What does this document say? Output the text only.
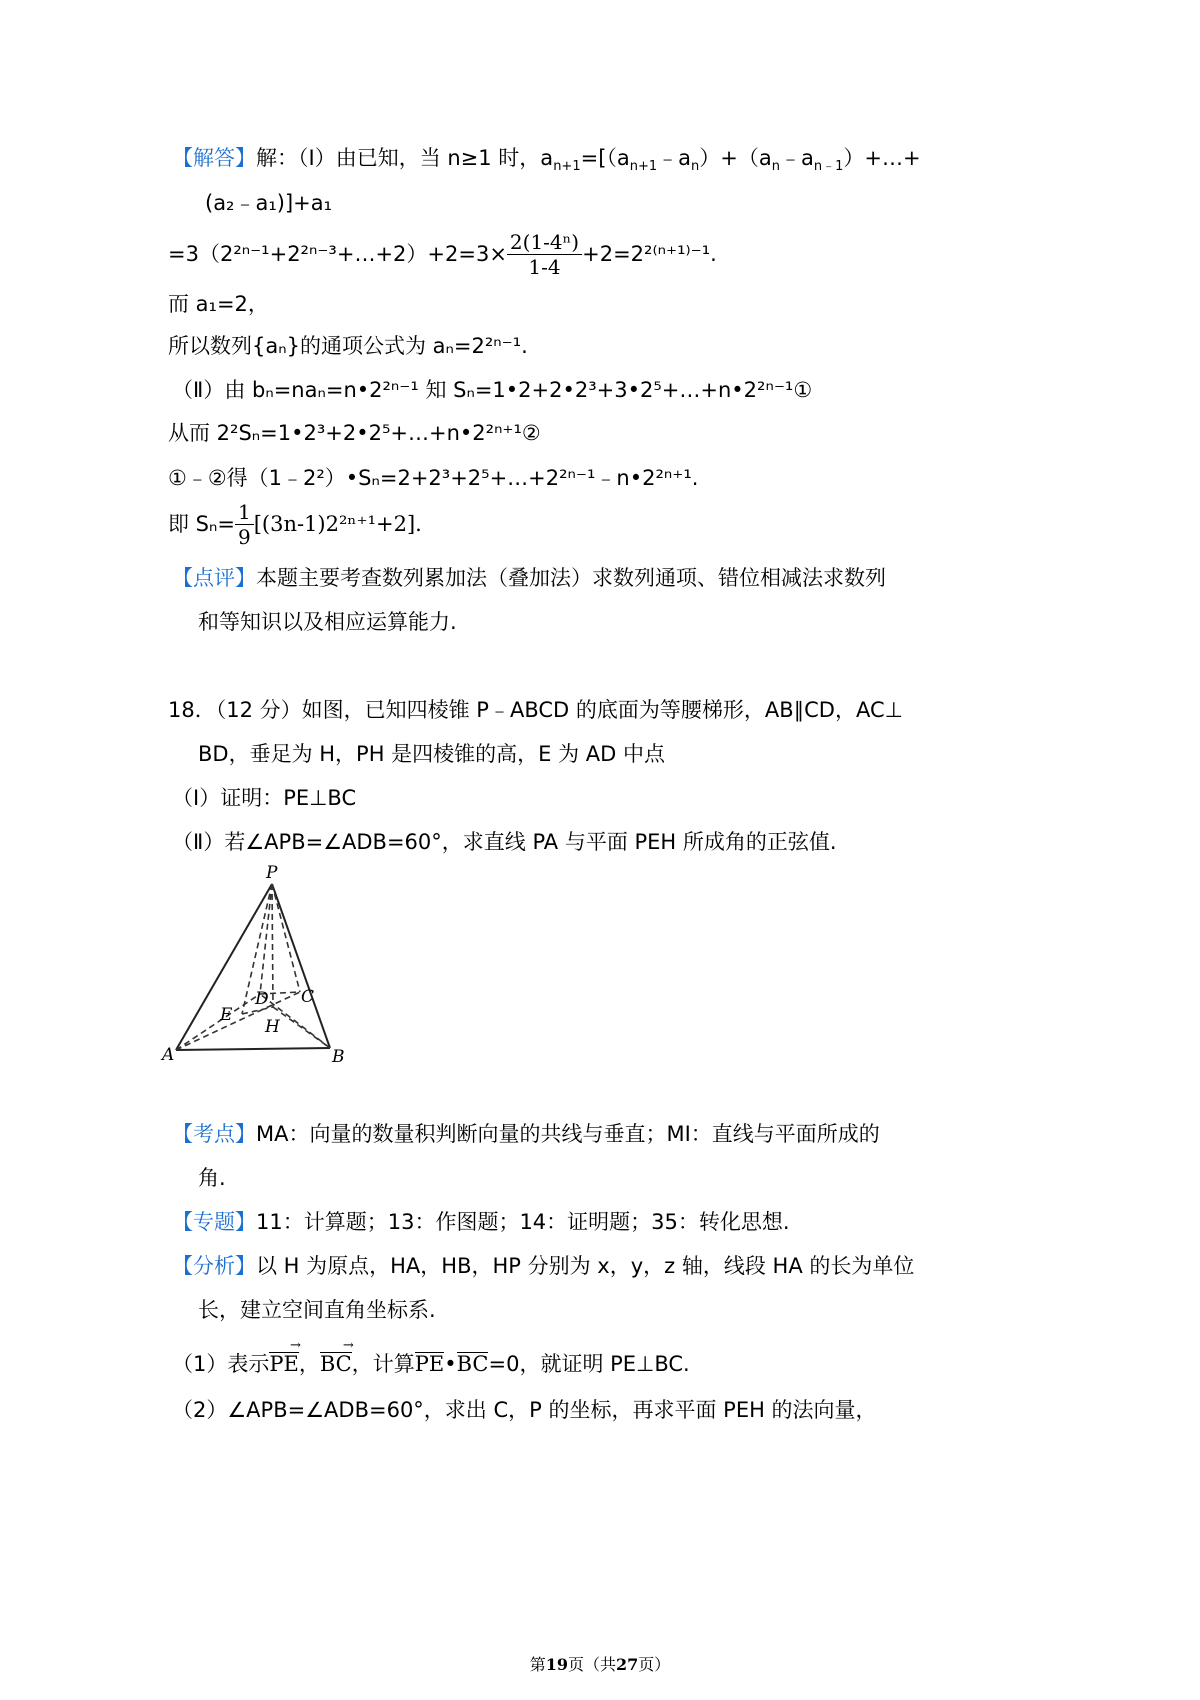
【解答】解：（Ⅰ）由已知，当 n≥1 时，$a_{n+1}=[(a_{n+1}﹣a_n)+(a_n﹣a_{n﹣1})+\dots+$
(a₂﹣a₁)]+a₁
=3（2²ⁿ⁻¹+2²ⁿ⁻³+…+2）+2=3× $\frac{\text{2(1-4ⁿ)}}{1-4} +2=2^{2(n+1)-1}$.
而 a₁=2，
所以数列{aₙ}的通项公式为 aₙ=2²ⁿ⁻¹.
（Ⅱ）由 bₙ=naₙ=n•2²ⁿ⁻¹ 知 Sₙ=1•2+2•2³+3•2⁵+…+n•2²ⁿ⁻¹①
从而 2²Sₙ=1•2³+2•2⁵+…+n•2²ⁿ⁺¹②
①﹣②得（1﹣2²）•Sₙ=2+2³+2⁵+…+2²ⁿ⁻¹﹣n•2²ⁿ⁺¹.
即 $S_n= \frac{1}{9} [(3n-1)2^{2n+1}+2]$.
【点评】本题主要考查数列累加法（叠加法）求数列通项、错位相减法求数列
和等知识以及相应运算能力.
18．（12 分）如图，已知四棱锥 P﹣ABCD 的底面为等腰梯形，AB∥CD，AC⊥
BD，垂足为 H，PH 是四棱锥的高，E 为 AD 中点
（Ⅰ）证明：PE⊥BC
（Ⅱ）若∠APB=∠ADB=60°，求直线 PA 与平面 PEH 所成角的正弦值.
P
A	B
C
D
E
H
【考点】MA：向量的数量积判断向量的共线与垂直；MI：直线与平面所成的
角.
【专题】11：计算题；13：作图题；14：证明题；35：转化思想.
【分析】以 H 为原点，HA，HB，HP 分别为 x，y，z 轴，线段 HA 的长为单位
长，建立空间直角坐标系.
（1）表示PE →，BC →，计算PE•BC=0，就证明 PE⊥BC.
（2）∠APB=∠ADB=60°，求出 C，P 的坐标，再求平面 PEH 的法向量，
第19页（共27页）
